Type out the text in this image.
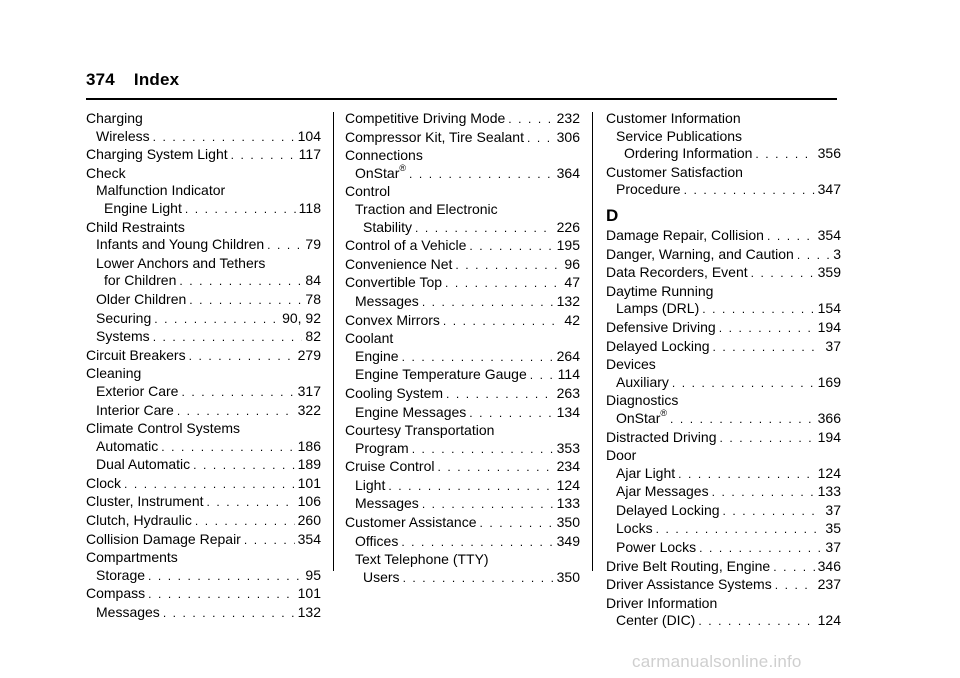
374 Index
Charging
Wireless . . .	104
Charging System Light . . .	117
Check
Malfunction Indicator
Engine Light . . .	118
Child Restraints
Infants and Young Children . . .	79
Lower Anchors and Tethers
for Children . . .	84
Older Children . . .	78
Securing . . .	90, 92
Systems . . .	82
Circuit Breakers . . .	279
Cleaning
Exterior Care . . .	317
Interior Care . . .	322
Climate Control Systems
Automatic . . .	186
Dual Automatic . . .	189
Clock . . .	101
Cluster, Instrument . . .	106
Clutch, Hydraulic . . .	260
Collision Damage Repair . . .	354
Compartments
Storage . . .	95
Compass . . .	101
Messages . . .	132
Competitive Driving Mode . . .	232
Compressor Kit, Tire Sealant . . . 306
Connections
OnStar® . . .	364
Control
Traction and Electronic
Stability . . .	226
Control of a Vehicle . . .	195
Convenience Net . . .	96
Convertible Top . . .	47
Messages . . .	132
Convex Mirrors . . .	42
Coolant
Engine . . .	264
Engine Temperature Gauge . . . 114
Cooling System . . .	263
Engine Messages . . .	134
Courtesy Transportation
Program . . .	353
Cruise Control . . .	234
Light . . .	124
Messages . . .	133
Customer Assistance . . .	350
Offices . . .	349
Text Telephone (TTY)
Users . . .	350
Customer Information
Service Publications
Ordering Information . . .	356
Customer Satisfaction
Procedure . . .	347
D
Damage Repair, Collision . . .	354
Danger, Warning, and Caution . . .	3
Data Recorders, Event . . .	359
Daytime Running
Lamps (DRL) . . .	154
Defensive Driving . . .	194
Delayed Locking . . .	37
Devices
Auxiliary . . .	169
Diagnostics
OnStar® . . .	366
Distracted Driving . . .	194
Door
Ajar Light . . .	124
Ajar Messages . . .	133
Delayed Locking . . .	37
Locks . . .	35
Power Locks . . .	37
Drive Belt Routing, Engine . . .	346
Driver Assistance Systems . . .	237
Driver Information
Center (DIC) . . .	124
carmanualsonline.info
